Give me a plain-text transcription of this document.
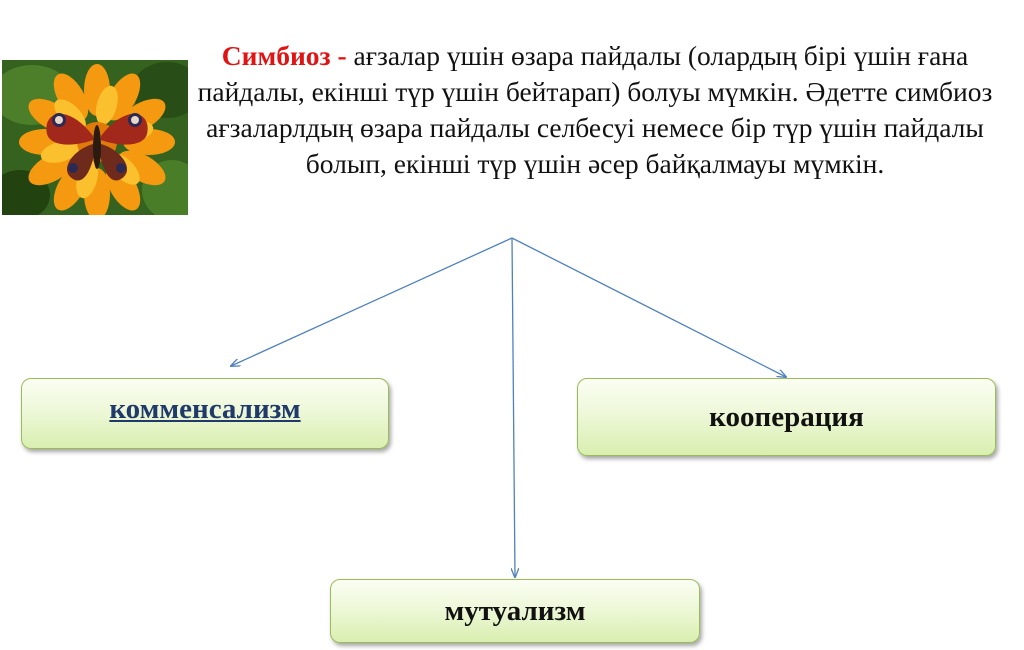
Симбиоз - ағзалар үшін өзара пайдалы (олардың бірі үшін ғана пайдалы, екінші түр үшін бейтарап) болуы мүмкін. Әдетте симбиоз ағзаларлдың өзара пайдалы селбесуі немесе бір түр үшін пайдалы болып, екінші түр үшін әсер байқалмауы мүмкін.
комменсализм	кооперация
мутуализм
